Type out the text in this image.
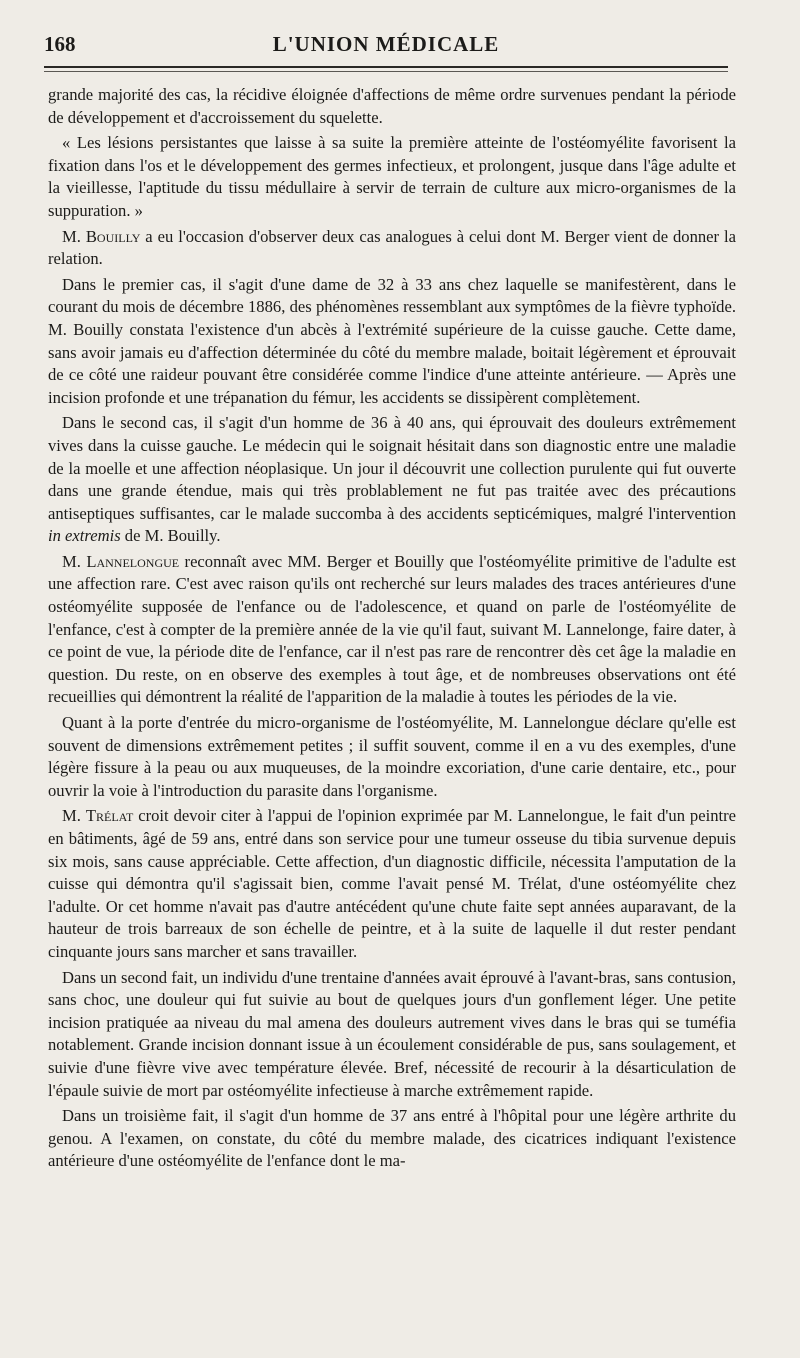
168	L'UNION MÉDICALE

grande majorité des cas, la récidive éloignée d'affections de même ordre survenues pendant la période de développement et d'accroissement du squelette.

« Les lésions persistantes que laisse à sa suite la première atteinte de l'ostéomyélite favorisent la fixation dans l'os et le développement des germes infectieux, et prolongent, jusque dans l'âge adulte et la vieillesse, l'aptitude du tissu médullaire à servir de terrain de culture aux micro-organismes de la suppuration. »

M. Bouilly a eu l'occasion d'observer deux cas analogues à celui dont M. Berger vient de donner la relation.

Dans le premier cas, il s'agit d'une dame de 32 à 33 ans chez laquelle se manifestèrent, dans le courant du mois de décembre 1886, des phénomènes ressemblant aux symptômes de la fièvre typhoïde. M. Bouilly constata l'existence d'un abcès à l'extrémité supérieure de la cuisse gauche. Cette dame, sans avoir jamais eu d'affection déterminée du côté du membre malade, boitait légèrement et éprouvait de ce côté une raideur pouvant être considérée comme l'indice d'une atteinte antérieure. — Après une incision profonde et une trépanation du fémur, les accidents se dissipèrent complètement.

Dans le second cas, il s'agit d'un homme de 36 à 40 ans, qui éprouvait des douleurs extrêmement vives dans la cuisse gauche. Le médecin qui le soignait hésitait dans son diagnostic entre une maladie de la moelle et une affection néoplasique. Un jour il découvrit une collection purulente qui fut ouverte dans une grande étendue, mais qui très problablement ne fut pas traitée avec des précautions antiseptiques suffisantes, car le malade succomba à des accidents septicémiques, malgré l'intervention in extremis de M. Bouilly.

M. Lannelongue reconnaît avec MM. Berger et Bouilly que l'ostéomyélite primitive de l'adulte est une affection rare. C'est avec raison qu'ils ont recherché sur leurs malades des traces antérieures d'une ostéomyélite supposée de l'enfance ou de l'adolescence, et quand on parle de l'ostéomyélite de l'enfance, c'est à compter de la première année de la vie qu'il faut, suivant M. Lannelonge, faire dater, à ce point de vue, la période dite de l'enfance, car il n'est pas rare de rencontrer dès cet âge la maladie en question. Du reste, on en observe des exemples à tout âge, et de nombreuses observations ont été recueillies qui démontrent la réalité de l'apparition de la maladie à toutes les périodes de la vie.

Quant à la porte d'entrée du micro-organisme de l'ostéomyélite, M. Lannelongue déclare qu'elle est souvent de dimensions extrêmement petites ; il suffit souvent, comme il en a vu des exemples, d'une légère fissure à la peau ou aux muqueuses, de la moindre excoriation, d'une carie dentaire, etc., pour ouvrir la voie à l'introduction du parasite dans l'organisme.

M. Trélat croit devoir citer à l'appui de l'opinion exprimée par M. Lannelongue, le fait d'un peintre en bâtiments, âgé de 59 ans, entré dans son service pour une tumeur osseuse du tibia survenue depuis six mois, sans cause appréciable. Cette affection, d'un diagnostic difficile, nécessita l'amputation de la cuisse qui démontra qu'il s'agissait bien, comme l'avait pensé M. Trélat, d'une ostéomyélite chez l'adulte. Or cet homme n'avait pas d'autre antécédent qu'une chute faite sept années auparavant, de la hauteur de trois barreaux de son échelle de peintre, et à la suite de laquelle il dut rester pendant cinquante jours sans marcher et sans travailler.

Dans un second fait, un individu d'une trentaine d'années avait éprouvé à l'avant-bras, sans contusion, sans choc, une douleur qui fut suivie au bout de quelques jours d'un gonflement léger. Une petite incision pratiquée aa niveau du mal amena des douleurs autrement vives dans le bras qui se tuméfia notablement. Grande incision donnant issue à un écoulement considérable de pus, sans soulagement, et suivie d'une fièvre vive avec température élevée. Bref, nécessité de recourir à la désarticulation de l'épaule suivie de mort par ostéomyélite infectieuse à marche extrêmement rapide.

Dans un troisième fait, il s'agit d'un homme de 37 ans entré à l'hôpital pour une légère arthrite du genou. A l'examen, on constate, du côté du membre malade, des cicatrices indiquant l'existence antérieure d'une ostéomyélite de l'enfance dont le ma-
